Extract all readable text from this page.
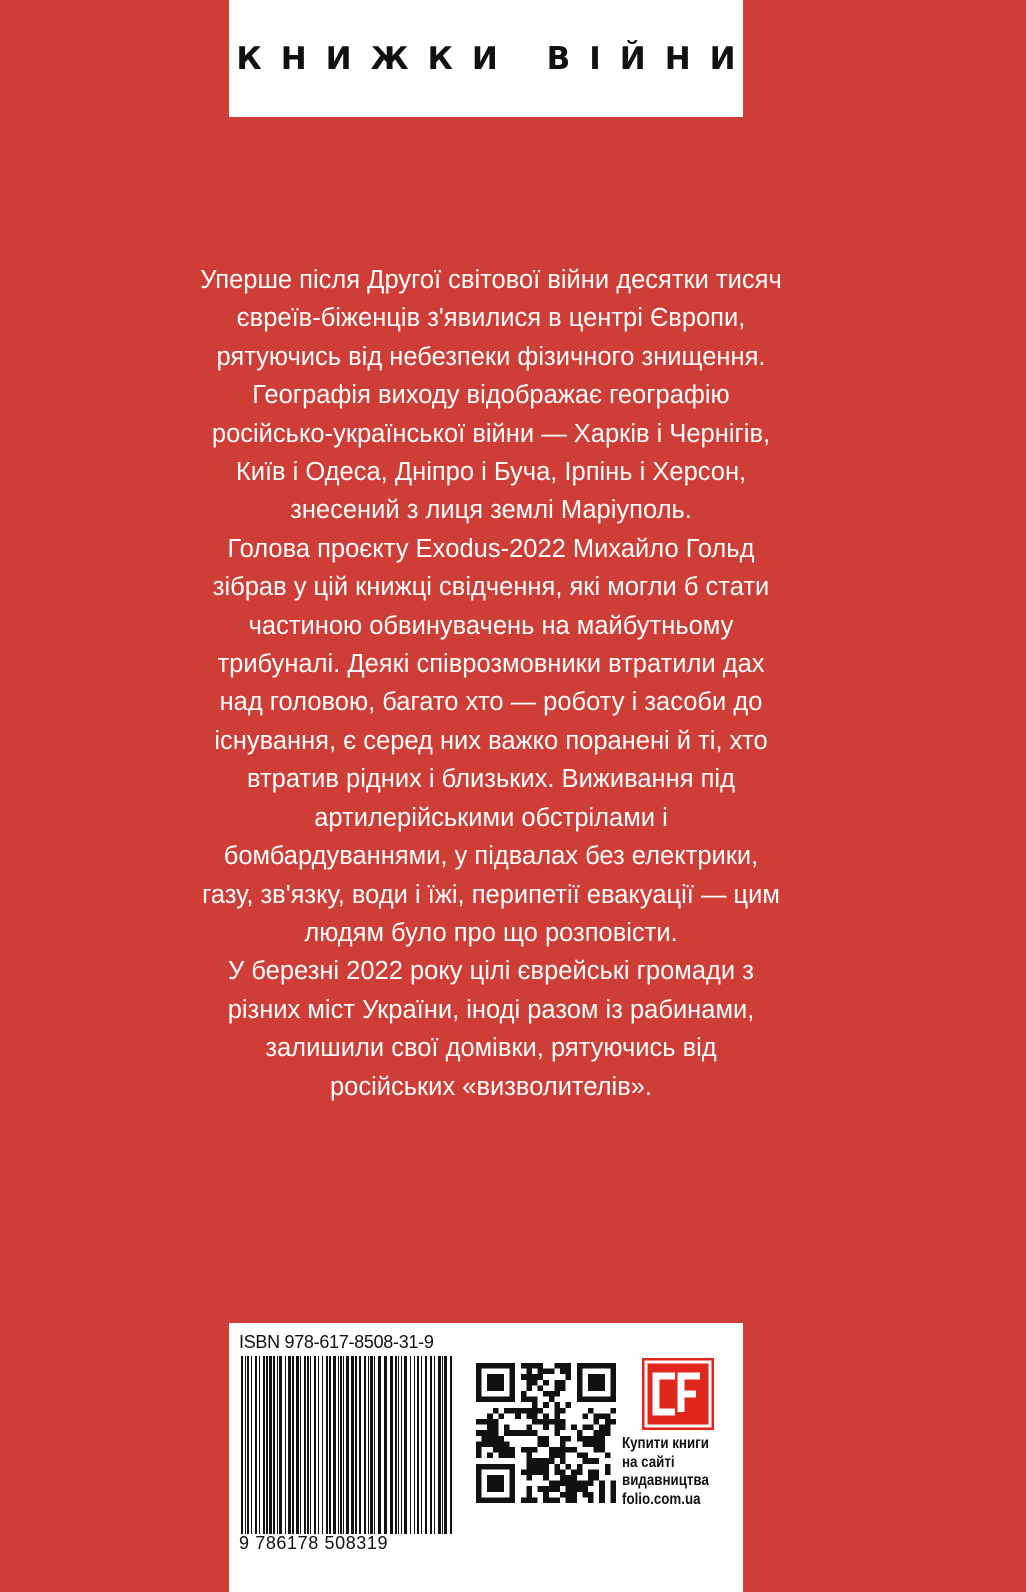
КНИЖКИ ВІЙНИ

Уперше після Другої світової війни десятки тисяч євреїв-біженців з'явилися в центрі Європи, рятуючись від небезпеки фізичного знищення. Географія виходу відображає географію російсько-української війни — Харків і Чернігів, Київ і Одеса, Дніпро і Буча, Ірпінь і Херсон, знесений з лиця землі Маріуполь.

Голова проєкту Exodus-2022 Михайло Гольд зібрав у цій книжці свідчення, які могли б стати частиною обвинувачень на майбутньому трибуналі. Деякі співрозмовники втратили дах над головою, багато хто — роботу і засоби до існування, є серед них важко поранені й ті, хто втратив рідних і близьких. Виживання під артилерійськими обстрілами і бомбардуваннями, у підвалах без електрики, газу, зв'язку, води і їжі, перипетії евакуації — цим людям було про що розповісти.

У березні 2022 року цілі єврейські громади з різних міст України, іноді разом із рабинами, залишили свої домівки, рятуючись від російських «визволителів».

ISBN 978-617-8508-31-9
9 786178 508319
Купити книги
на сайті
видавництва
folio.com.ua
